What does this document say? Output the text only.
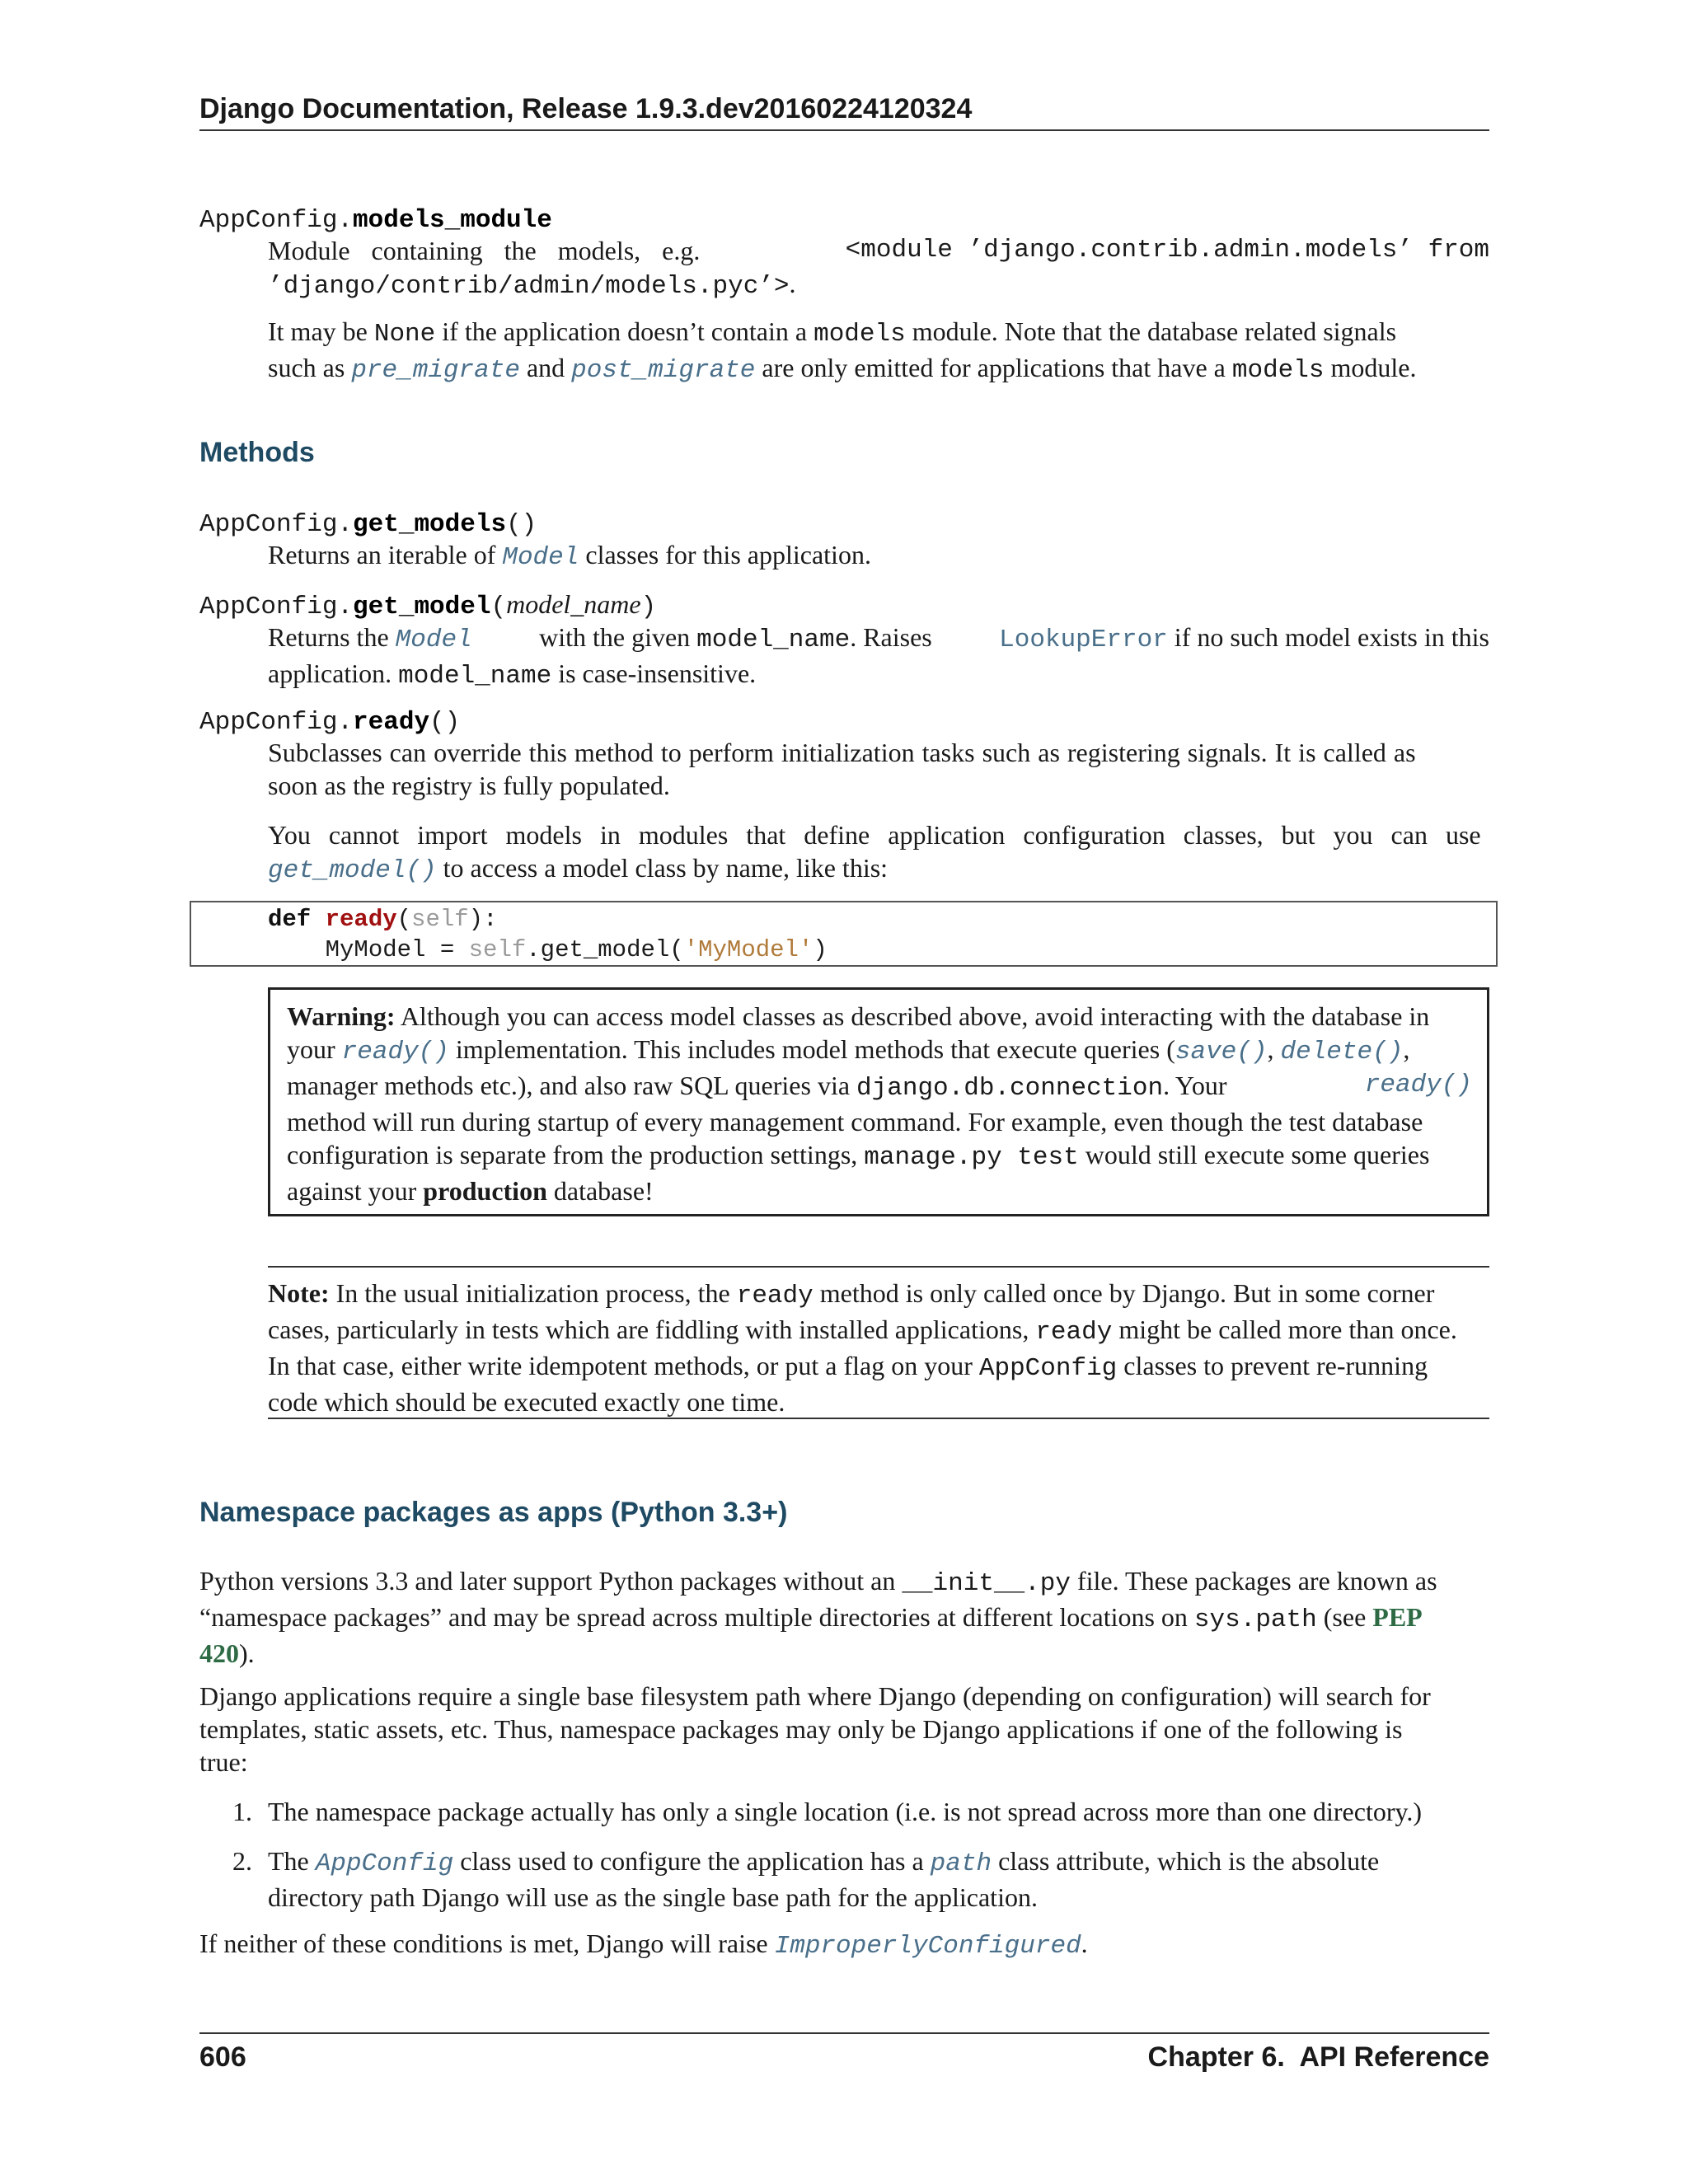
Django Documentation, Release 1.9.3.dev20160224120324
AppConfig.models_module
Module containing the models, e.g.	<module ’django.contrib.admin.models’ from
’django/contrib/admin/models.pyc’>.
It may be None if the application doesn’t contain a models module. Note that the database related signals
such as pre_migrate and post_migrate are only emitted for applications that have a models module.
Methods
AppConfig.get_models()
Returns an iterable of Model classes for this application.
AppConfig.get_model(model_name)
Returns the Model	with the given model_name. Raises	LookupError if no such model exists in this
application. model_name is case-insensitive.
AppConfig.ready()
Subclasses can override this method to perform initialization tasks such as registering signals. It is called as
soon as the registry is fully populated.
You cannot import models in modules that define application configuration classes, but you can use
get_model() to access a model class by name, like this:
def ready(self):
MyModel = self.get_model('MyModel')
Warning: Although you can access model classes as described above, avoid interacting with the database in
your ready() implementation. This includes model methods that execute queries (save(), delete(),
manager methods etc.), and also raw SQL queries via django.db.connection. Your	ready()
method will run during startup of every management command. For example, even though the test database
configuration is separate from the production settings, manage.py test would still execute some queries
against your production database!
Note: In the usual initialization process, the ready method is only called once by Django. But in some corner
cases, particularly in tests which are fiddling with installed applications, ready might be called more than once.
In that case, either write idempotent methods, or put a flag on your AppConfig classes to prevent re-running
code which should be executed exactly one time.
Namespace packages as apps (Python 3.3+)
Python versions 3.3 and later support Python packages without an __init__.py file. These packages are known as
“namespace packages” and may be spread across multiple directories at different locations on sys.path (see PEP
420).
Django applications require a single base filesystem path where Django (depending on configuration) will search for
templates, static assets, etc. Thus, namespace packages may only be Django applications if one of the following is
true:
1. The namespace package actually has only a single location (i.e. is not spread across more than one directory.)
2. The AppConfig class used to configure the application has a path class attribute, which is the absolute
directory path Django will use as the single base path for the application.
If neither of these conditions is met, Django will raise ImproperlyConfigured.
606	Chapter 6.  API Reference
